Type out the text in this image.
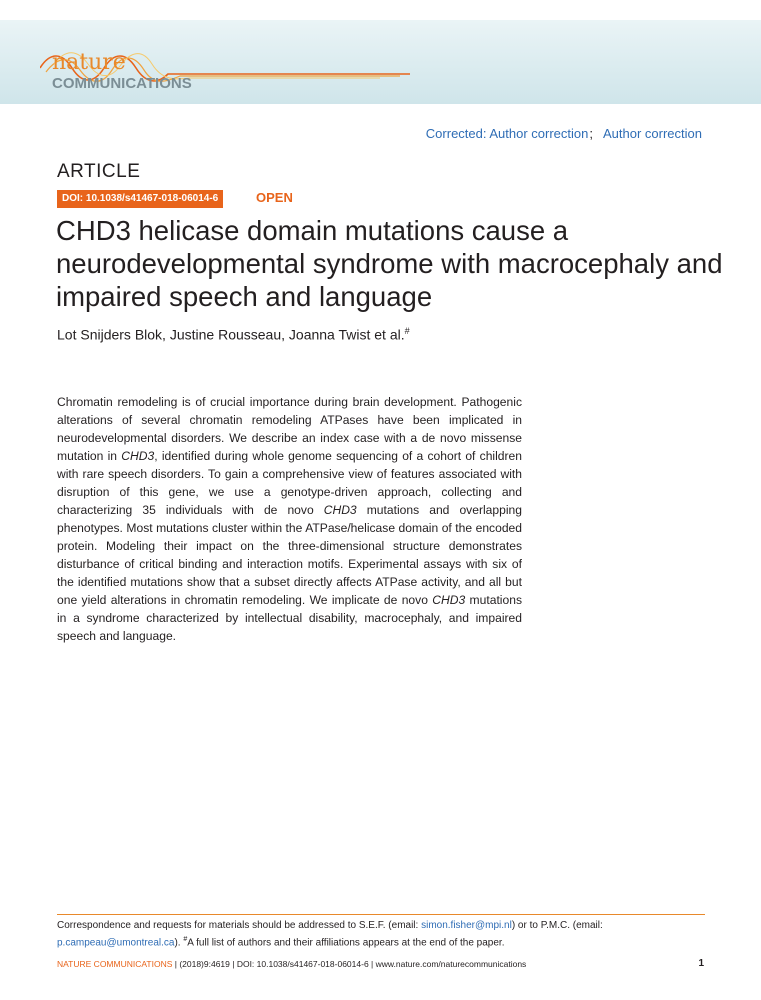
nature
COMMUNICATIONS
Corrected: Author correction; Author correction
ARTICLE
DOI: 10.1038/s41467-018-06014-6	OPEN
CHD3 helicase domain mutations cause a neurodevelopmental syndrome with macrocephaly and impaired speech and language
Lot Snijders Blok, Justine Rousseau, Joanna Twist et al.#

Chromatin remodeling is of crucial importance during brain development. Pathogenic alterations of several chromatin remodeling ATPases have been implicated in neurodevelopmental disorders. We describe an index case with a de novo missense mutation in CHD3, identified during whole genome sequencing of a cohort of children with rare speech disorders. To gain a comprehensive view of features associated with disruption of this gene, we use a genotype-driven approach, collecting and characterizing 35 individuals with de novo CHD3 mutations and overlapping phenotypes. Most mutations cluster within the ATPase/helicase domain of the encoded protein. Modeling their impact on the three-dimensional structure demonstrates disturbance of critical binding and interaction motifs. Experimental assays with six of the identified mutations show that a subset directly affects ATPase activity, and all but one yield alterations in chromatin remodeling. We implicate de novo CHD3 mutations in a syndrome characterized by intellectual disability, macrocephaly, and impaired speech and language.

Correspondence and requests for materials should be addressed to S.E.F. (email: simon.fisher@mpi.nl) or to P.M.C. (email: p.campeau@umontreal.ca). #A full list of authors and their affiliations appears at the end of the paper.

NATURE COMMUNICATIONS | (2018)9:4619 | DOI: 10.1038/s41467-018-06014-6 | www.nature.com/naturecommunications	1
